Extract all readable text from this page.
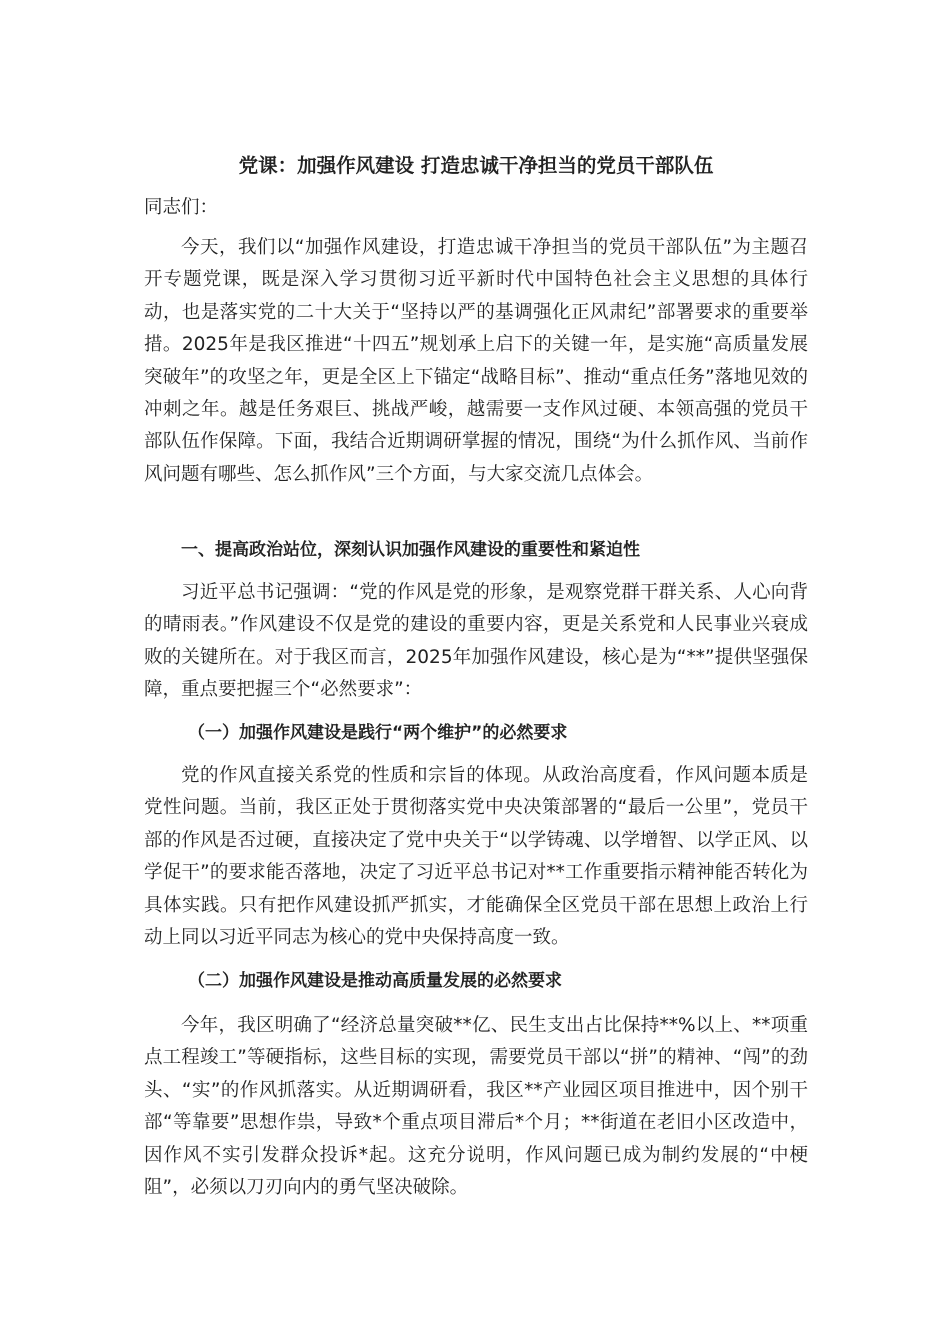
党课：加强作风建设 打造忠诚干净担当的党员干部队伍
同志们：

今天，我们以“加强作风建设，打造忠诚干净担当的党员干部队伍”为主题召开专题党课，既是深入学习贯彻习近平新时代中国特色社会主义思想的具体行动，也是落实党的二十大关于“坚持以严的基调强化正风肃纪”部署要求的重要举措。2025年是我区推进“十四五”规划承上启下的关键一年，是实施“高质量发展突破年”的攻坚之年，更是全区上下锚定“战略目标”、推动“重点任务”落地见效的冲刺之年。越是任务艰巨、挑战严峻，越需要一支作风过硬、本领高强的党员干部队伍作保障。下面，我结合近期调研掌握的情况，围绕“为什么抓作风、当前作风问题有哪些、怎么抓作风”三个方面，与大家交流几点体会。

一、提高政治站位，深刻认识加强作风建设的重要性和紧迫性

习近平总书记强调：“党的作风是党的形象，是观察党群干群关系、人心向背的晴雨表。”作风建设不仅是党的建设的重要内容，更是关系党和人民事业兴衰成败的关键所在。对于我区而言，2025年加强作风建设，核心是为“**”提供坚强保障，重点要把握三个“必然要求”：

（一）加强作风建设是践行“两个维护”的必然要求

党的作风直接关系党的性质和宗旨的体现。从政治高度看，作风问题本质是党性问题。当前，我区正处于贯彻落实党中央决策部署的“最后一公里”，党员干部的作风是否过硬，直接决定了党中央关于“以学铸魂、以学增智、以学正风、以学促干”的要求能否落地，决定了习近平总书记对**工作重要指示精神能否转化为具体实践。只有把作风建设抓严抓实，才能确保全区党员干部在思想上政治上行动上同以习近平同志为核心的党中央保持高度一致。

（二）加强作风建设是推动高质量发展的必然要求

今年，我区明确了“经济总量突破**亿、民生支出占比保持**%以上、**项重点工程竣工”等硬指标，这些目标的实现，需要党员干部以“拼”的精神、“闯”的劲头、“实”的作风抓落实。从近期调研看，我区**产业园区项目推进中，因个别干部“等靠要”思想作祟，导致*个重点项目滞后*个月；**街道在老旧小区改造中，因作风不实引发群众投诉*起。这充分说明，作风问题已成为制约发展的“中梗阻”，必须以刀刃向内的勇气坚决破除。
